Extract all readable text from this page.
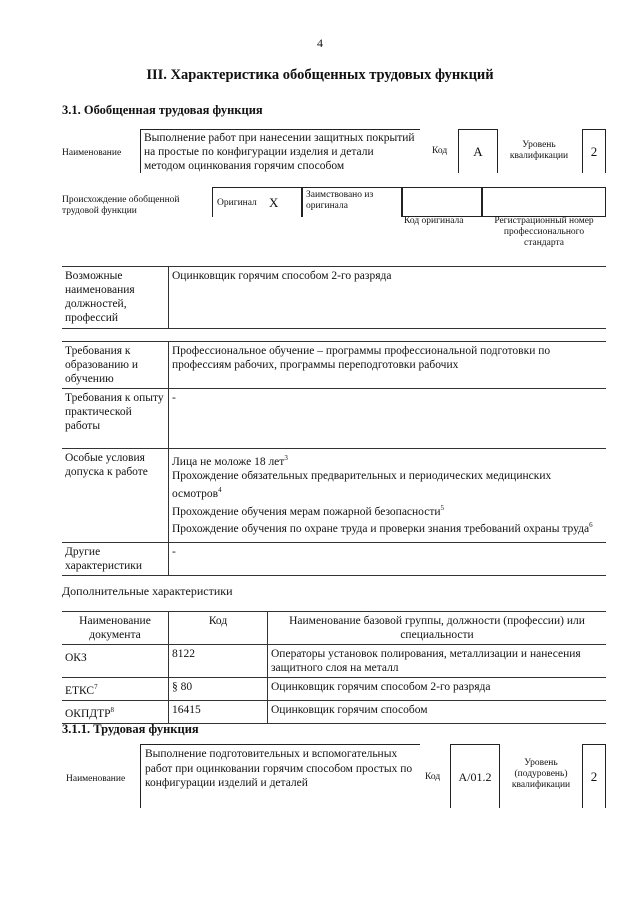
4
III. Характеристика обобщенных трудовых функций
3.1. Обобщенная трудовая функция
Наименование
Выполнение работ при нанесении защитных покрытий на простые по конфигурации изделия и детали методом оцинкования горячим способом
Код	А	Уровень квалификации	2
Происхождение обобщенной трудовой функции
Оригинал X	Заимствовано из оригинала
Код оригинала	Регистрационный номер профессионального стандарта
Возможные наименования должностей, профессий	Оцинковщик горячим способом 2-го разряда
Требования к образованию и обучению	Профессиональное обучение – программы профессиональной подготовки по профессиям рабочих, программы переподготовки рабочих
Требования к опыту практической работы	-
Особые условия допуска к работе	Лица не моложе 18 лет$^3$
Прохождение обязательных предварительных и периодических медицинских осмотров$^4$
Прохождение обучения мерам пожарной безопасности$^5$
Прохождение обучения по охране труда и проверки знания требований охраны труда$^6$

Другие характеристики	-
Дополнительные характеристики
Наименование документа	Код	Наименование базовой группы, должности (профессии) или специальности
ОКЗ	8122	Операторы установок полирования, металлизации и нанесения защитного слоя на металл
ЕТКС$^7$	§ 80	Оцинковщик горячим способом 2-го разряда
ОКПДТР$^8$	16415	Оцинковщик горячим способом
3.1.1. Трудовая функция
Наименование
Выполнение подготовительных и вспомогательных работ при оцинковании горячим способом простых по конфигурации изделий и деталей	Код	A/01.2
Уровень (подуровень) квалификации
2
